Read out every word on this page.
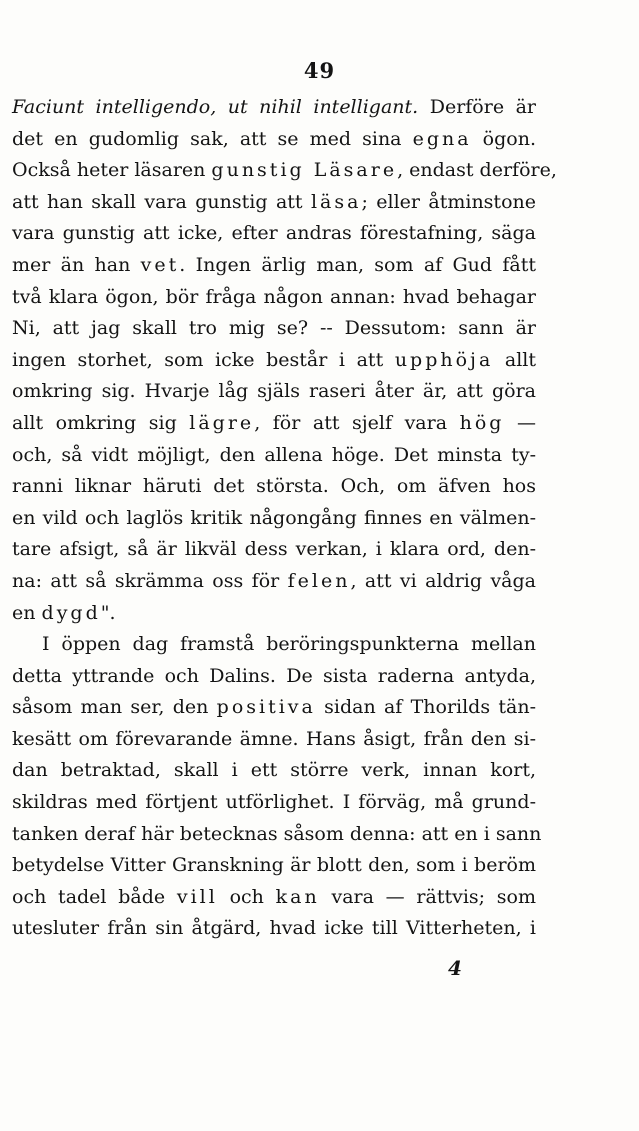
49
Faciunt intelligendo, ut nihil intelligant. Derföre är
det en gudomlig sak, att se med sina egna ögon.
Också heter läsaren gunstig Läsare, endast derföre,
att han skall vara gunstig att läsa; eller åtminstone
vara gunstig att icke, efter andras förestafning, säga
mer än han vet. Ingen ärlig man, som af Gud fått
två klara ögon, bör fråga någon annan: hvad behagar
Ni, att jag skall tro mig se? -- Dessutom: sann är
ingen storhet, som icke består i att upphöja allt
omkring sig. Hvarje låg själs raseri åter är, att göra
allt omkring sig lägre, för att sjelf vara hög —
och, så vidt möjligt, den allena höge. Det minsta ty-
ranni liknar häruti det största. Och, om äfven hos
en vild och laglös kritik någongång finnes en välmen-
tare afsigt, så är likväl dess verkan, i klara ord, den-
na: att så skrämma oss för felen, att vi aldrig våga
en dygd".
I öppen dag framstå beröringspunkterna mellan
detta yttrande och Dalins. De sista raderna antyda,
såsom man ser, den positiva sidan af Thorilds tän-
kesätt om förevarande ämne. Hans åsigt, från den si-
dan betraktad, skall i ett större verk, innan kort,
skildras med förtjent utförlighet. I förväg, må grund-
tanken deraf här betecknas såsom denna: att en i sann
betydelse Vitter Granskning är blott den, som i beröm
och tadel både vill och kan vara — rättvis; som
utesluter från sin åtgärd, hvad icke till Vitterheten, i
4
